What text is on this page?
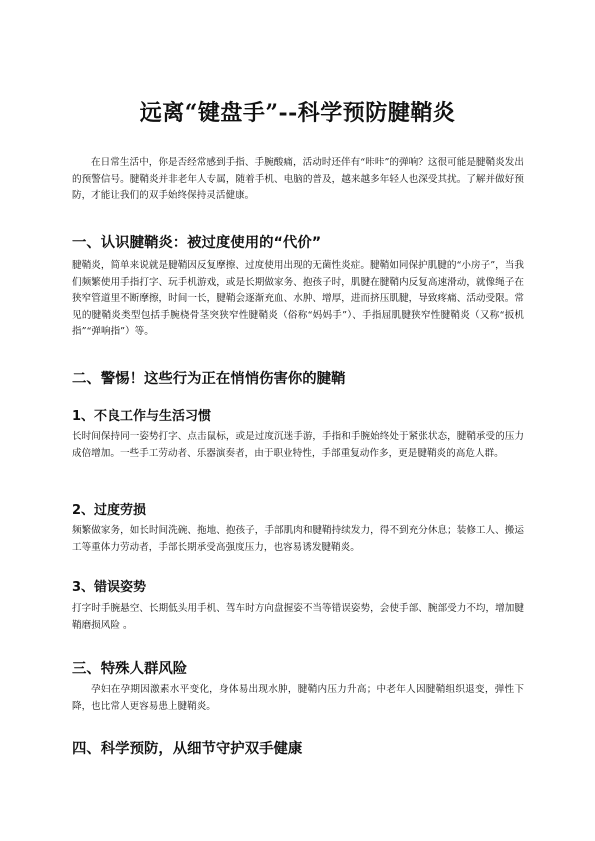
远离“键盘手”--科学预防腱鞘炎

在日常生活中，你是否经常感到手指、手腕酸痛，活动时还伴有“咔咔”的弹响？这很可能是腱鞘炎发出的预警信号。腱鞘炎并非老年人专属，随着手机、电脑的普及，越来越多年轻人也深受其扰。了解并做好预防，才能让我们的双手始终保持灵活健康。

一、认识腱鞘炎：被过度使用的“代价”

腱鞘炎，简单来说就是腱鞘因反复摩擦、过度使用出现的无菌性炎症。腱鞘如同保护肌腱的“小房子”，当我们频繁使用手指打字、玩手机游戏，或是长期做家务、抱孩子时，肌腱在腱鞘内反复高速滑动，就像绳子在狭窄管道里不断摩擦，时间一长，腱鞘会逐渐充血、水肿、增厚，进而挤压肌腱，导致疼痛、活动受限。常见的腱鞘炎类型包括手腕桡骨茎突狭窄性腱鞘炎（俗称“妈妈手”）、手指屈肌腱狭窄性腱鞘炎（又称“扳机指”“弹响指”）等。

二、警惕！这些行为正在悄悄伤害你的腱鞘
1、不良工作与生活习惯

长时间保持同一姿势打字、点击鼠标，或是过度沉迷手游，手指和手腕始终处于紧张状态，腱鞘承受的压力成倍增加。一些手工劳动者、乐器演奏者，由于职业特性，手部重复动作多，更是腱鞘炎的高危人群。

2、过度劳损

频繁做家务，如长时间洗碗、拖地、抱孩子，手部肌肉和腱鞘持续发力，得不到充分休息；装修工人、搬运工等重体力劳动者，手部长期承受高强度压力，也容易诱发腱鞘炎。

3、错误姿势

打字时手腕悬空、长期低头用手机、驾车时方向盘握姿不当等错误姿势，会使手部、腕部受力不均，增加腱鞘磨损风险 。

三、特殊人群风险

孕妇在孕期因激素水平变化，身体易出现水肿，腱鞘内压力升高；中老年人因腱鞘组织退变，弹性下降，也比常人更容易患上腱鞘炎。

四、科学预防，从细节守护双手健康
